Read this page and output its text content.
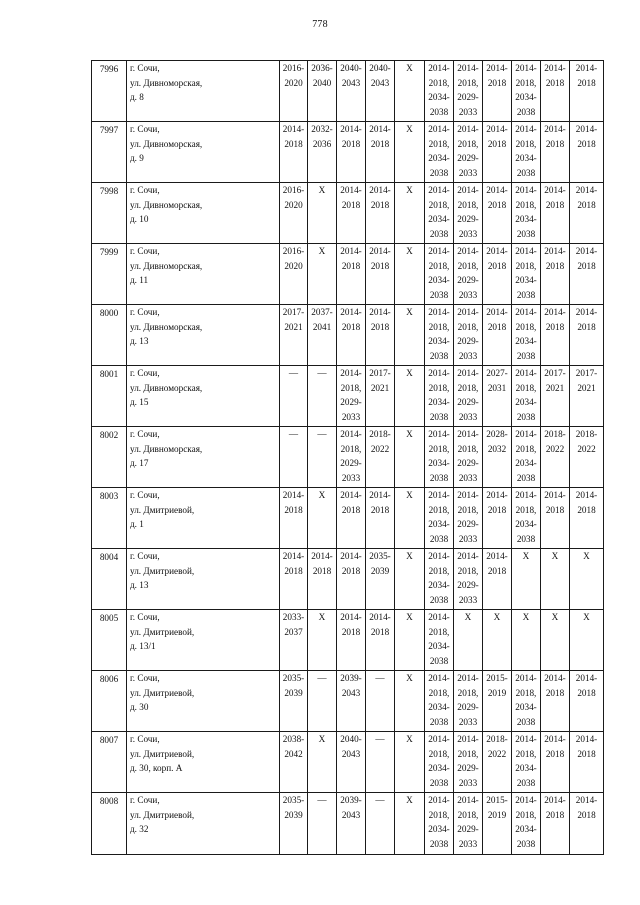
778
7996	г. Сочи,
ул. Дивноморская,
д. 8	2016-
2020	2036-
2040	2040-
2043	2040-
2043	X	2014-
2018,
2034-
2038	2014-
2018,
2029-
2033	2014-
2018	2014-
2018,
2034-
2038	2014-
2018	2014-
2018

7997	г. Сочи,
ул. Дивноморская,
д. 9	2014-
2018	2032-
2036	2014-
2018	2014-
2018	X	2014-
2018,
2034-
2038	2014-
2018,
2029-
2033	2014-
2018	2014-
2018,
2034-
2038	2014-
2018	2014-
2018

7998	г. Сочи,
ул. Дивноморская,
д. 10	2016-
2020	X	2014-
2018	2014-
2018	X	2014-
2018,
2034-
2038	2014-
2018,
2029-
2033	2014-
2018	2014-
2018,
2034-
2038	2014-
2018	2014-
2018

7999	г. Сочи,
ул. Дивноморская,
д. 11	2016-
2020	X	2014-
2018	2014-
2018	X	2014-
2018,
2034-
2038	2014-
2018,
2029-
2033	2014-
2018	2014-
2018,
2034-
2038	2014-
2018	2014-
2018

8000	г. Сочи,
ул. Дивноморская,
д. 13	2017-
2021	2037-
2041	2014-
2018	2014-
2018	X	2014-
2018,
2034-
2038	2014-
2018,
2029-
2033	2014-
2018	2014-
2018,
2034-
2038	2014-
2018	2014-
2018

8001	г. Сочи,
ул. Дивноморская,
д. 15	—	—	2014-
2018,
2029-
2033	2017-
2021	X	2014-
2018,
2034-
2038	2014-
2018,
2029-
2033	2027-
2031	2014-
2018,
2034-
2038	2017-
2021	2017-
2021

8002	г. Сочи,
ул. Дивноморская,
д. 17	—	—	2014-
2018,
2029-
2033	2018-
2022	X	2014-
2018,
2034-
2038	2014-
2018,
2029-
2033	2028-
2032	2014-
2018,
2034-
2038	2018-
2022	2018-
2022

8003	г. Сочи,
ул. Дмитриевой,
д. 1	2014-
2018	X	2014-
2018	2014-
2018	X	2014-
2018,
2034-
2038	2014-
2018,
2029-
2033	2014-
2018	2014-
2018,
2034-
2038	2014-
2018	2014-
2018

8004	г. Сочи,
ул. Дмитриевой,
д. 13	2014-
2018	2014-
2018	2014-
2018	2035-
2039	X	2014-
2018,
2034-
2038	2014-
2018,
2029-
2033	2014-
2018	X	X	X

8005	г. Сочи,
ул. Дмитриевой,
д. 13/1	2033-
2037	X	2014-
2018	2014-
2018	X	2014-
2018,
2034-
2038	X	X	X	X	X

8006	г. Сочи,
ул. Дмитриевой,
д. 30	2035-
2039	—	2039-
2043	—	X	2014-
2018,
2034-
2038	2014-
2018,
2029-
2033	2015-
2019	2014-
2018,
2034-
2038	2014-
2018	2014-
2018

8007	г. Сочи,
ул. Дмитриевой,
д. 30, корп. А	2038-
2042	X	2040-
2043	—	X	2014-
2018,
2034-
2038	2014-
2018,
2029-
2033	2018-
2022	2014-
2018,
2034-
2038	2014-
2018	2014-
2018

8008	г. Сочи,
ул. Дмитриевой,
д. 32	2035-
2039	—	2039-
2043	—	X	2014-
2018,
2034-
2038	2014-
2018,
2029-
2033	2015-
2019	2014-
2018,
2034-
2038	2014-
2018	2014-
2018
